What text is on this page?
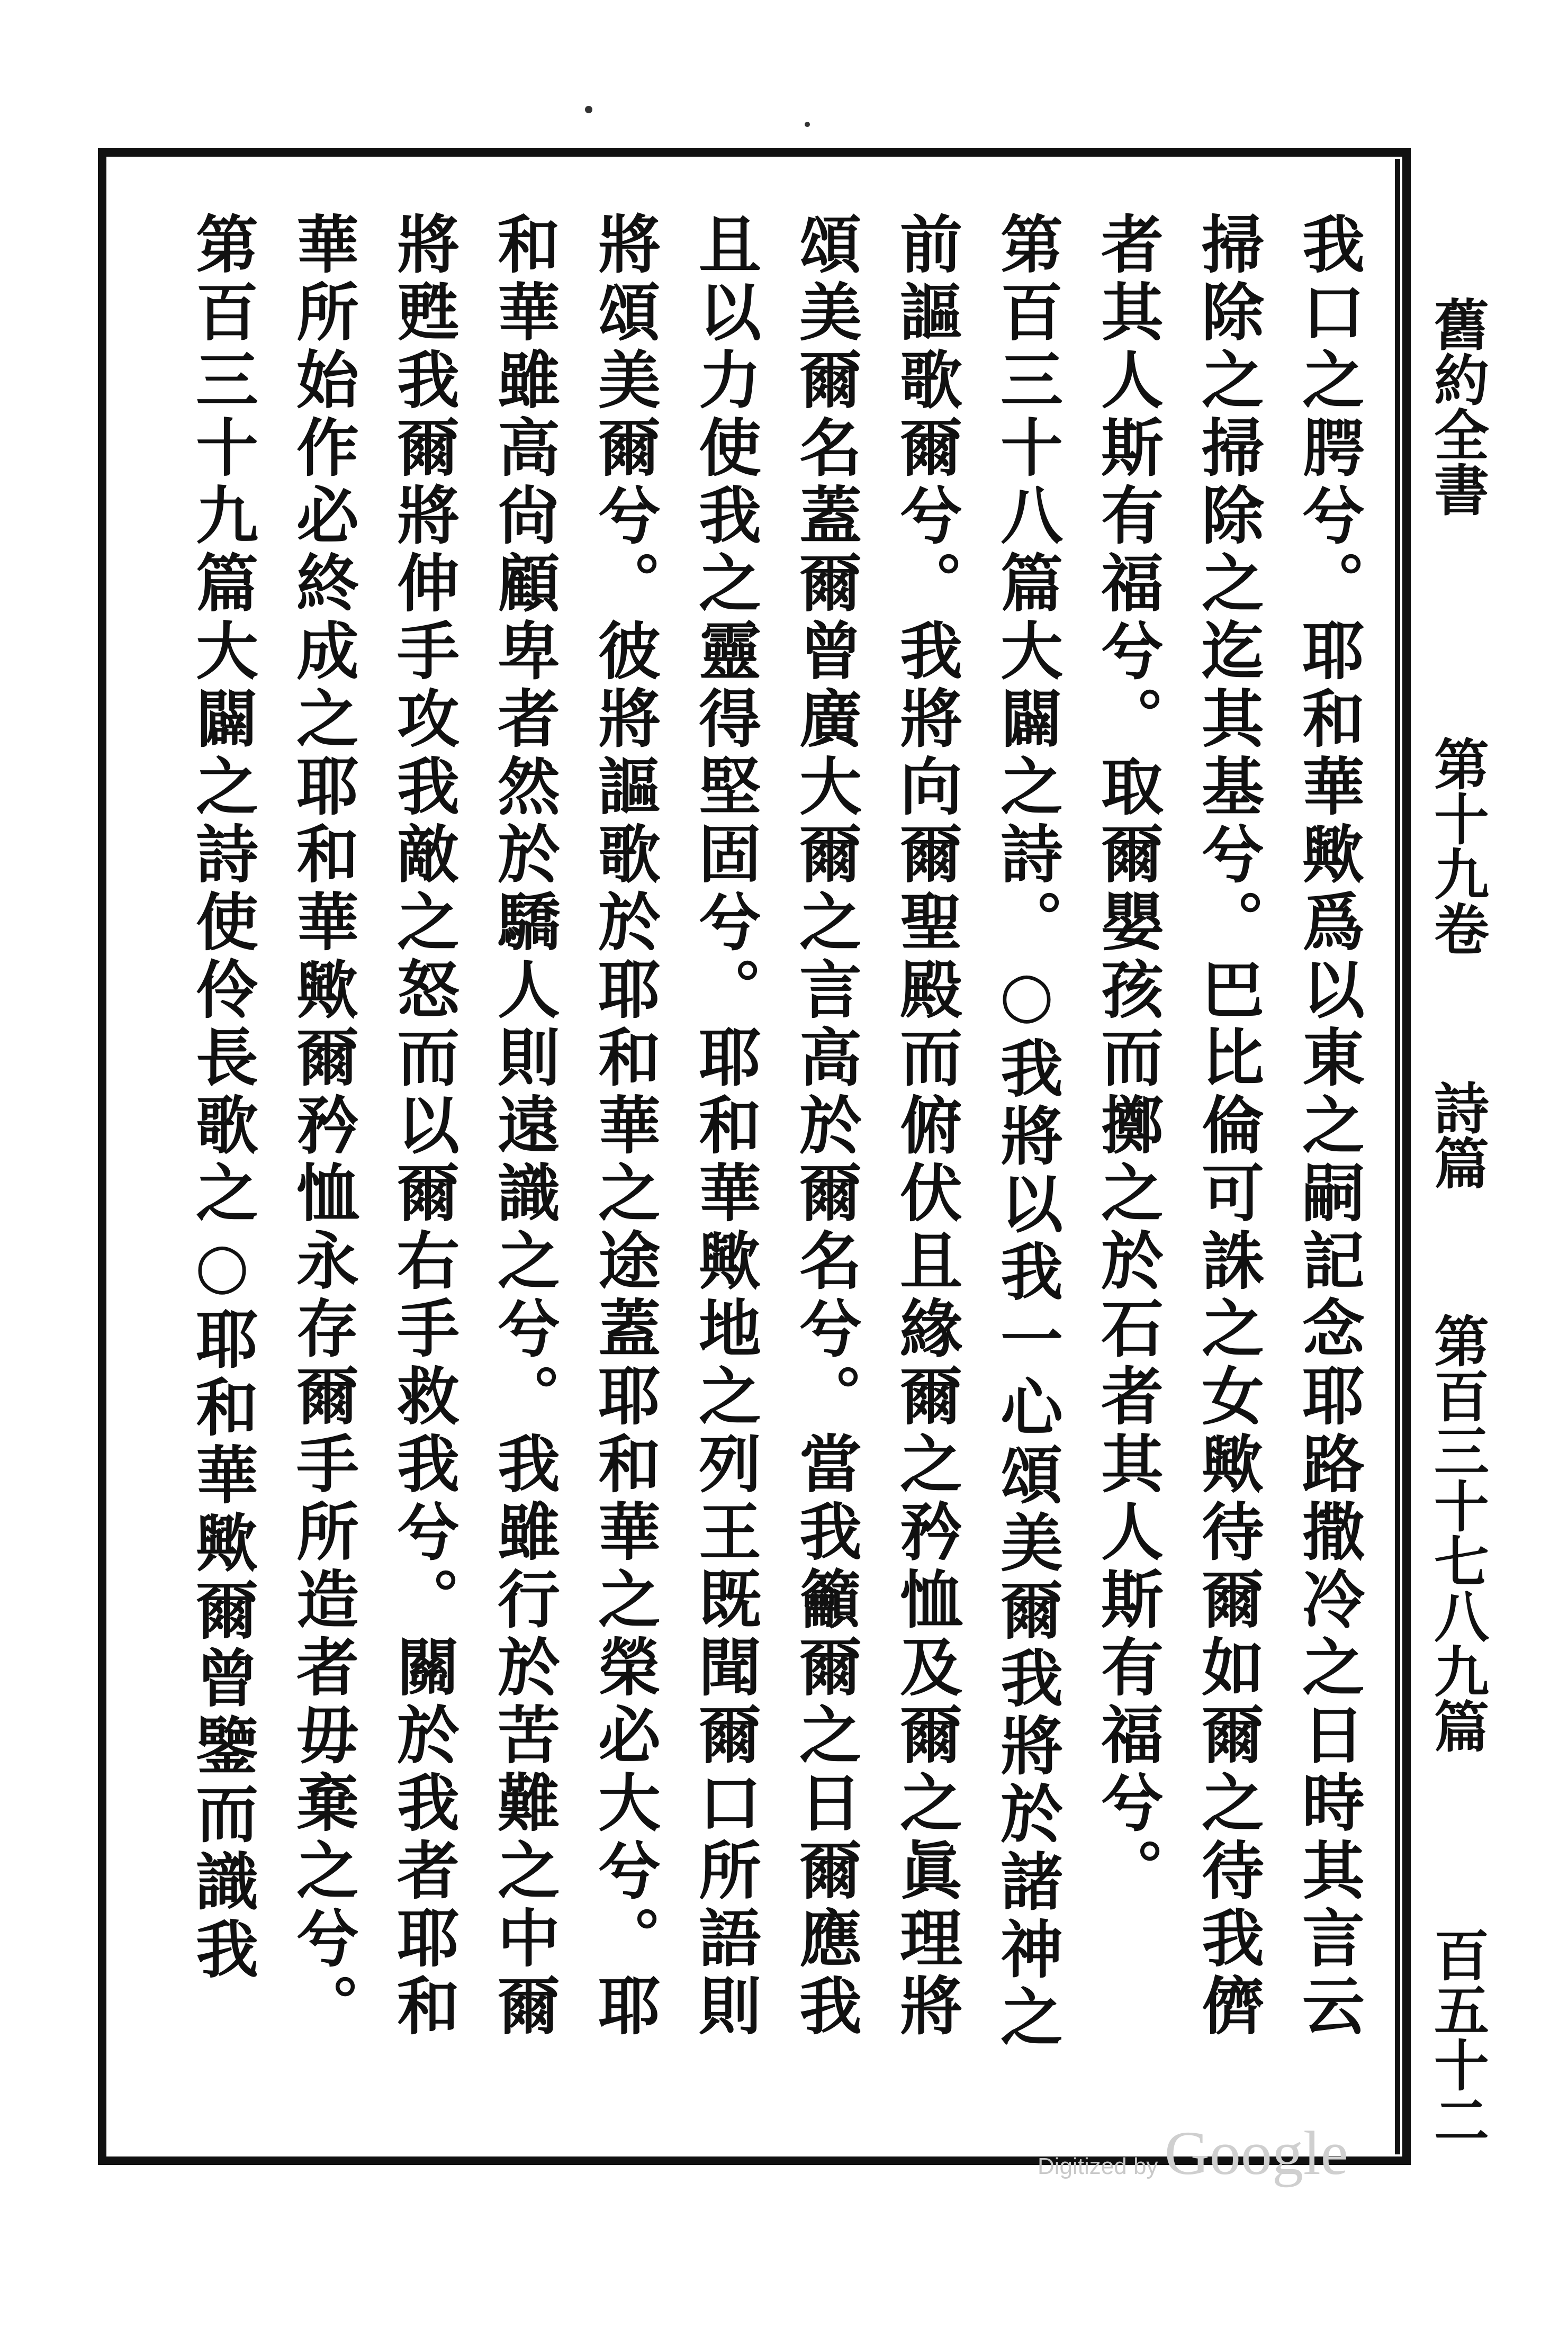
舊約全書
第十九卷
詩篇
第百三十七八九篇
百五十二
我口之腭兮。耶和華歟爲以東之嗣記念耶路撒冷之日時其言云
掃除之掃除之迄其基兮。巴比倫可誅之女歟待爾如爾之待我儕
者其人斯有福兮。取爾嬰孩而擲之於石者其人斯有福兮。
第百三十八篇大闢之詩。○我將以我一心頌美爾我將於諸神之
前謳歌爾兮。我將向爾聖殿而俯伏且緣爾之矜恤及爾之眞理將
頌美爾名蓋爾曾廣大爾之言高於爾名兮。當我籲爾之日爾應我
且以力使我之靈得堅固兮。耶和華歟地之列王既聞爾口所語則
將頌美爾兮。彼將謳歌於耶和華之途蓋耶和華之榮必大兮。耶
和華雖高尙顧卑者然於驕人則遠識之兮。我雖行於苦難之中爾
將甦我爾將伸手攻我敵之怒而以爾右手救我兮。關於我者耶和
華所始作必終成之耶和華歟爾矜恤永存爾手所造者毋棄之兮。
第百三十九篇大闢之詩使伶長歌之○耶和華歟爾曾鑒而識我
Digitized by Google
